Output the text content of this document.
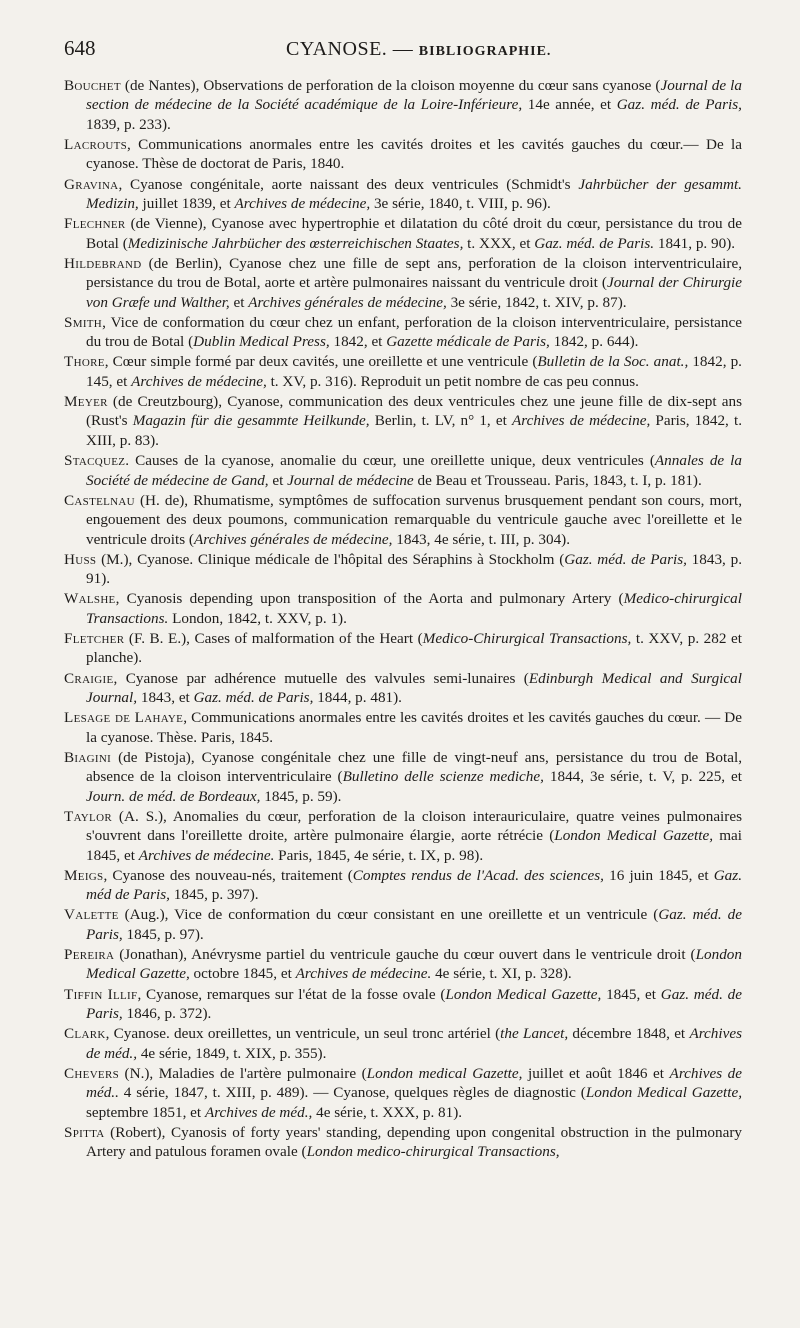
648	CYANOSE. — BIBLIOGRAPHIE.

Bouchet (de Nantes), Observations de perforation de la cloison moyenne du cœur sans cyanose (Journal de la section de médecine de la Société académique de la Loire-Inférieure, 14e année, et Gaz. méd. de Paris, 1839, p. 233).

Lacrouts, Communications anormales entre les cavités droites et les cavités gauches du cœur.— De la cyanose. Thèse de doctorat de Paris, 1840.

Gravina, Cyanose congénitale, aorte naissant des deux ventricules (Schmidt's Jahrbücher der gesammt. Medizin, juillet 1839, et Archives de médecine, 3e série, 1840, t. VIII, p. 96).

Flechner (de Vienne), Cyanose avec hypertrophie et dilatation du côté droit du cœur, persistance du trou de Botal (Medizinische Jahrbücher des œsterreichischen Staates, t. XXX, et Gaz. méd. de Paris. 1841, p. 90).

Hildebrand (de Berlin), Cyanose chez une fille de sept ans, perforation de la cloison interventriculaire, persistance du trou de Botal, aorte et artère pulmonaires naissant du ventricule droit (Journal der Chirurgie von Græfe und Walther, et Archives générales de médecine, 3e série, 1842, t. XIV, p. 87).

Smith, Vice de conformation du cœur chez un enfant, perforation de la cloison interventriculaire, persistance du trou de Botal (Dublin Medical Press, 1842, et Gazette médicale de Paris, 1842, p. 644).

Thore, Cœur simple formé par deux cavités, une oreillette et une ventricule (Bulletin de la Soc. anat., 1842, p. 145, et Archives de médecine, t. XV, p. 316). Reproduit un petit nombre de cas peu connus.

Meyer (de Creutzbourg), Cyanose, communication des deux ventricules chez une jeune fille de dix-sept ans (Rust's Magazin für die gesammte Heilkunde, Berlin, t. LV, n° 1, et Archives de médecine, Paris, 1842, t. XIII, p. 83).

Stacquez. Causes de la cyanose, anomalie du cœur, une oreillette unique, deux ventricules (Annales de la Société de médecine de Gand, et Journal de médecine de Beau et Trousseau. Paris, 1843, t. I, p. 181).

Castelnau (H. de), Rhumatisme, symptômes de suffocation survenus brusquement pendant son cours, mort, engouement des deux poumons, communication remarquable du ventricule gauche avec l'oreillette et le ventricule droits (Archives générales de médecine, 1843, 4e série, t. III, p. 304).

Huss (M.), Cyanose. Clinique médicale de l'hôpital des Séraphins à Stockholm (Gaz. méd. de Paris, 1843, p. 91).

Walshe, Cyanosis depending upon transposition of the Aorta and pulmonary Artery (Medico-chirurgical Transactions. London, 1842, t. XXV, p. 1).

Fletcher (F. B. E.), Cases of malformation of the Heart (Medico-Chirurgical Transactions, t. XXV, p. 282 et planche).

Craigie, Cyanose par adhérence mutuelle des valvules semi-lunaires (Edinburgh Medical and Surgical Journal, 1843, et Gaz. méd. de Paris, 1844, p. 481).

Lesage de Lahaye, Communications anormales entre les cavités droites et les cavités gauches du cœur. — De la cyanose. Thèse. Paris, 1845.

Biagini (de Pistoja), Cyanose congénitale chez une fille de vingt-neuf ans, persistance du trou de Botal, absence de la cloison interventriculaire (Bulletino delle scienze mediche, 1844, 3e série, t. V, p. 225, et Journ. de méd. de Bordeaux, 1845, p. 59).

Taylor (A. S.), Anomalies du cœur, perforation de la cloison interauriculaire, quatre veines pulmonaires s'ouvrent dans l'oreillette droite, artère pulmonaire élargie, aorte rétrécie (London Medical Gazette, mai 1845, et Archives de médecine. Paris, 1845, 4e série, t. IX, p. 98).

Meigs, Cyanose des nouveau-nés, traitement (Comptes rendus de l'Acad. des sciences, 16 juin 1845, et Gaz. méd de Paris, 1845, p. 397).

Valette (Aug.), Vice de conformation du cœur consistant en une oreillette et un ventricule (Gaz. méd. de Paris, 1845, p. 97).

Pereira (Jonathan), Anévrysme partiel du ventricule gauche du cœur ouvert dans le ventricule droit (London Medical Gazette, octobre 1845, et Archives de médecine. 4e série, t. XI, p. 328).

Tiffin Illif, Cyanose, remarques sur l'état de la fosse ovale (London Medical Gazette, 1845, et Gaz. méd. de Paris, 1846, p. 372).

Clark, Cyanose. deux oreillettes, un ventricule, un seul tronc artériel (the Lancet, décembre 1848, et Archives de méd., 4e série, 1849, t. XIX, p. 355).

Chevers (N.), Maladies de l'artère pulmonaire (London medical Gazette, juillet et août 1846 et Archives de méd.. 4 série, 1847, t. XIII, p. 489). — Cyanose, quelques règles de diagnostic (London Medical Gazette, septembre 1851, et Archives de méd., 4e série, t. XXX, p. 81).

Spitta (Robert), Cyanosis of forty years' standing, depending upon congenital obstruction in the pulmonary Artery and patulous foramen ovale (London medico-chirurgical Transactions,
